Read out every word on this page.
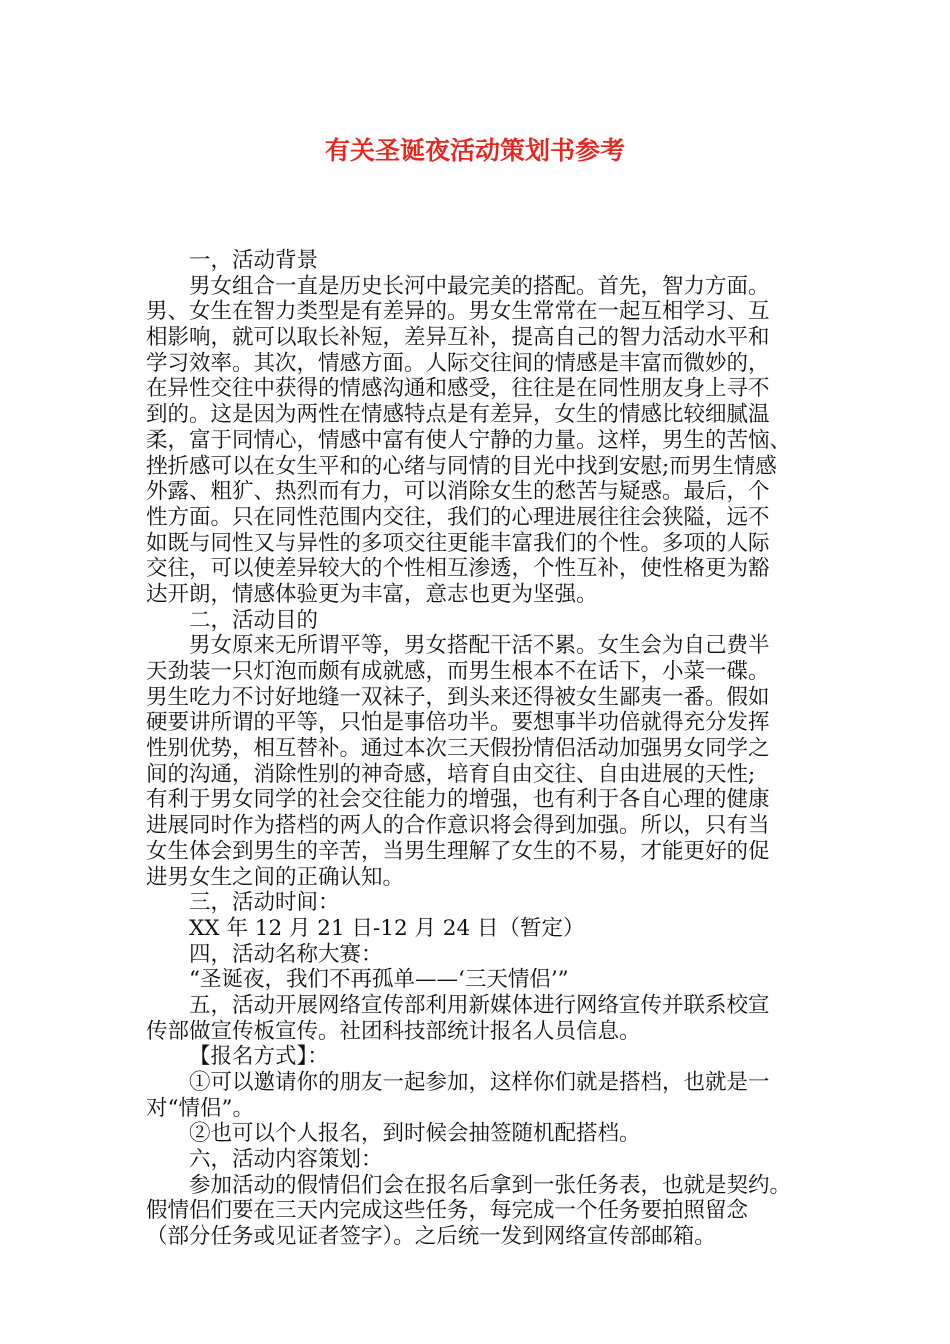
有关圣诞夜活动策划书参考
一，活动背景
男女组合一直是历史长河中最完美的搭配。首先，智力方面。
男、女生在智力类型是有差异的。男女生常常在一起互相学习、互
相影响，就可以取长补短，差异互补，提高自己的智力活动水平和
学习效率。其次，情感方面。人际交往间的情感是丰富而微妙的，
在异性交往中获得的情感沟通和感受，往往是在同性朋友身上寻不
到的。这是因为两性在情感特点是有差异，女生的情感比较细腻温
柔，富于同情心，情感中富有使人宁静的力量。这样，男生的苦恼、
挫折感可以在女生平和的心绪与同情的目光中找到安慰;而男生情感
外露、粗犷、热烈而有力，可以消除女生的愁苦与疑惑。最后，个
性方面。只在同性范围内交往，我们的心理进展往往会狭隘，远不
如既与同性又与异性的多项交往更能丰富我们的个性。多项的人际
交往，可以使差异较大的个性相互渗透，个性互补，使性格更为豁
达开朗，情感体验更为丰富，意志也更为坚强。
二，活动目的
男女原来无所谓平等，男女搭配干活不累。女生会为自己费半
天劲装一只灯泡而颇有成就感，而男生根本不在话下，小菜一碟。
男生吃力不讨好地缝一双袜子，到头来还得被女生鄙夷一番。假如
硬要讲所谓的平等，只怕是事倍功半。要想事半功倍就得充分发挥
性别优势，相互替补。通过本次三天假扮情侣活动加强男女同学之
间的沟通，消除性别的神奇感，培育自由交往、自由进展的天性;
有利于男女同学的社会交往能力的增强，也有利于各自心理的健康
进展同时作为搭档的两人的合作意识将会得到加强。所以，只有当
女生体会到男生的辛苦，当男生理解了女生的不易，才能更好的促
进男女生之间的正确认知。
三，活动时间：
XX 年 12 月 21 日-12 月 24 日（暂定）
四，活动名称大赛：
“圣诞夜，我们不再孤单——‘三天情侣’”
五，活动开展网络宣传部利用新媒体进行网络宣传并联系校宣
传部做宣传板宣传。社团科技部统计报名人员信息。
【报名方式】：
①可以邀请你的朋友一起参加，这样你们就是搭档，也就是一
对“情侣”。
②也可以个人报名，到时候会抽签随机配搭档。
六，活动内容策划：
参加活动的假情侣们会在报名后拿到一张任务表，也就是契约。
假情侣们要在三天内完成这些任务，每完成一个任务要拍照留念
（部分任务或见证者签字）。之后统一发到网络宣传部邮箱。
